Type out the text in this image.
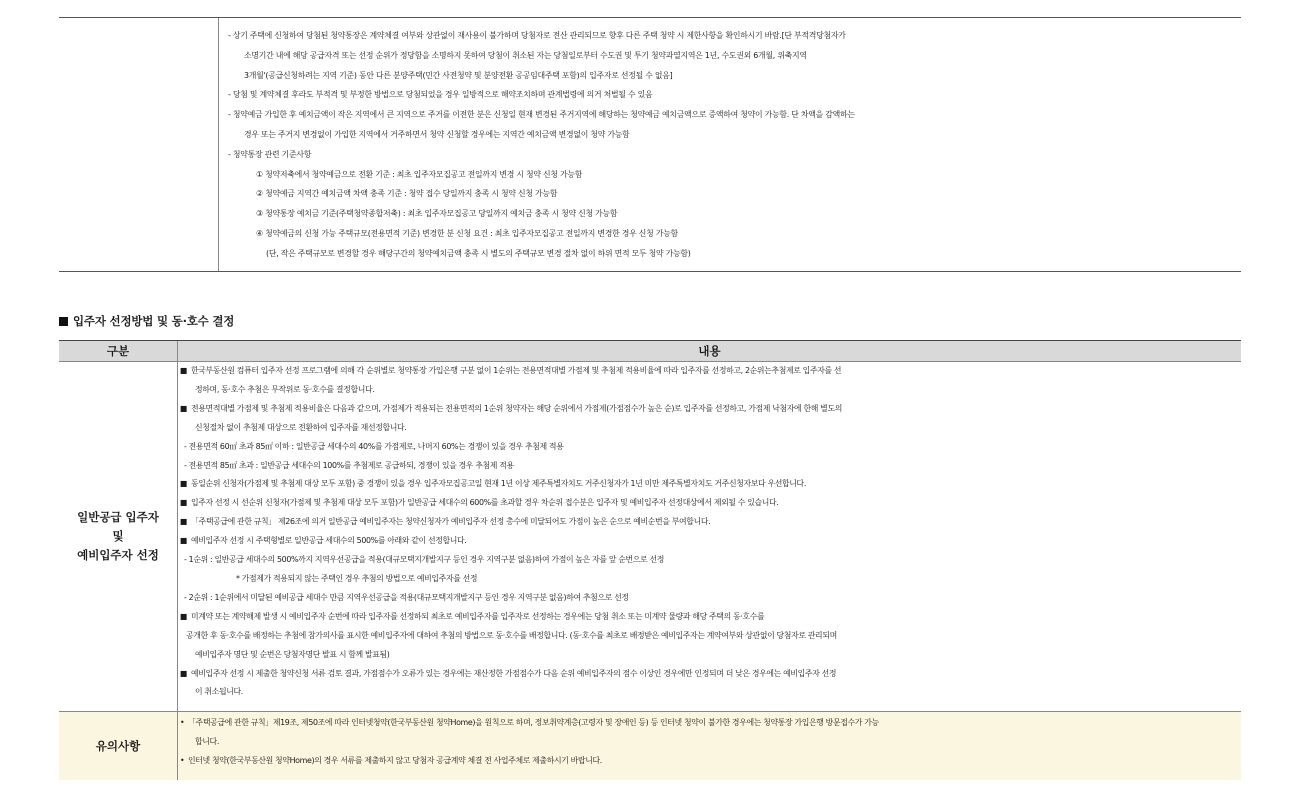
- 상기 주택에 신청하여 당첨된 청약통장은 계약체결 여부와 상관없이 재사용이 불가하며 당첨자로 전산 관리되므로 향후 다른 주택 청약 시 제한사항을 확인하시기 바람.[단 부적격당첨자가
소명기간 내에 해당 공급자격 또는 선정 순위가 정당함을 소명하지 못하여 당첨이 취소된 자는 당첨일로부터 수도권 및 투기 청약과열지역은 1년, 수도권외 6개월, 위축지역
3개월'(공급신청하려는 지역 기준) 동안 다른 분양주택(민간 사전청약 및 분양전환 공공임대주택 포함)의 입주자로 선정될 수 없음]
- 당첨 및 계약체결 후라도 부적격 및 부정한 방법으로 당첨되었을 경우 일방적으로 해약조치하며 관계법령에 의거 처벌될 수 있음
- 청약예금 가입한 후 예치금액이 작은 지역에서 큰 지역으로 주거를 이전한 분은 신청일 현재 변경된 주거지역에 해당하는 청약예금 예치금액으로 증액하여 청약이 가능함. 단 차액을 감액하는
경우 또는 주거지 변경없이 가입한 지역에서 거주하면서 청약 신청할 경우에는 지역간 예치금액 변경없이 청약 가능함
- 청약통장 관련 기준사항
① 청약저축에서 청약예금으로 전환 기준 : 최초 입주자모집공고 전일까지 변경 시 청약 신청 가능함
② 청약예금 지역간 예치금액 차액 충족 기준 : 청약 접수 당일까지 충족 시 청약 신청 가능함
③ 청약통장 예치금 기준(주택청약종합저축) : 최초 입주자모집공고 당일까지 예치금 충족 시 청약 신청 가능함
④ 청약예금의 신청 가능 주택규모(전용면적 기준) 변경한 분 신청 요건 : 최초 입주자모집공고 전일까지 변경한 경우 신청 가능함
(단, 작은 주택규모로 변경할 경우 해당구간의 청약예치금액 충족 시 별도의 주택규모 변경 절차 없이 하위 면적 모두 청약 가능함)
입주자 선정방법 및 동·호수 결정
구분	내용
일반공급 입주자
및
예비입주자 선정
■ 한국부동산원 컴퓨터 입주자 선정 프로그램에 의해 각 순위별로 청약통장 가입은행 구분 없이 1순위는 전용면적대별 가점제 및 추첨제 적용비율에 따라 입주자를 선정하고, 2순위는추첨제로 입주자를 선
정하며, 동·호수 추첨은 무작위로 동·호수를 결정합니다.
■ 전용면적대별 가점제 및 추첨제 적용비율은 다음과 같으며, 가점제가 적용되는 전용면적의 1순위 청약자는 해당 순위에서 가점제(가점점수가 높은 순)로 입주자를 선정하고, 가점제 낙첨자에 한해 별도의
신청절차 없이 추첨제 대상으로 전환하여 입주자를 재선정합니다.
- 전용면적 60㎡ 초과 85㎡ 이하 : 일반공급 세대수의 40%를 가점제로, 나머지 60%는 경쟁이 있을 경우 추첨제 적용
- 전용면적 85㎡ 초과 : 일반공급 세대수의 100%를 추첨제로 공급하되, 경쟁이 있을 경우 추첨제 적용
■ 동일순위 신청자(가점제 및 추첨제 대상 모두 포함) 중 경쟁이 있을 경우 입주자모집공고일 현재 1년 이상 제주특별자치도 거주신청자가 1년 미만 제주특별자치도 거주신청자보다 우선합니다.
■ 입주자 선정 시 선순위 신청자(가점제 및 추첨제 대상 모두 포함)가 일반공급 세대수의 600%를 초과할 경우 차순위 접수분은 입주자 및 예비입주자 선정대상에서 제외될 수 있습니다.
■ 「주택공급에 관한 규칙」 제26조에 의거 일반공급 예비입주자는 청약신청자가 예비입주자 선정 총수에 미달되어도 가점이 높은 순으로 예비순번을 부여합니다.
■ 예비입주자 선정 시 주택형별로 일반공급 세대수의 500%를 아래와 같이 선정합니다.
- 1순위 : 일반공급 세대수의 500%까지 지역우선공급을 적용(대규모택지개발지구 등인 경우 지역구분 없음)하여 가점이 높은 자를 앞 순번으로 선정
* 가점제가 적용되지 않는 주택인 경우 추첨의 방법으로 예비입주자를 선정
- 2순위 : 1순위에서 미달된 예비공급 세대수 만큼 지역우선공급을 적용(대규모택지개발지구 등인 경우 지역구분 없음)하여 추첨으로 선정
■ 미계약 또는 계약해제 발생 시 예비입주자 순번에 따라 입주자를 선정하되 최초로 예비입주자를 입주자로 선정하는 경우에는 당첨 취소 또는 미계약 물량과 해당 주택의 동·호수를
공개한 후 동·호수를 배정하는 추첨에 참가의사를 표시한 예비입주자에 대하여 추첨의 방법으로 동·호수를 배정합니다. (동·호수를 최초로 배정받은 예비입주자는 계약여부와 상관없이 당첨자로 관리되며
예비입주자 명단 및 순번은 당첨자명단 발표 시 함께 발표됨)
■ 예비입주자 선정 시 제출한 청약신청 서류 검토 결과, 가점점수가 오류가 있는 경우에는 재산정한 가점점수가 다음 순위 예비입주자의 점수 이상인 경우에만 인정되며 더 낮은 경우에는 예비입주자 선정
이 취소됩니다.
유의사항
• 「주택공급에 관한 규칙」제19조, 제50조에 따라 인터넷청약(한국부동산원 청약Home)을 원칙으로 하며, 정보취약계층(고령자 및 장애인 등) 등 인터넷 청약이 불가한 경우에는 청약통장 가입은행 방문접수가 가능
합니다.
• 인터넷 청약(한국부동산원 청약Home)의 경우 서류를 제출하지 않고 당첨자 공급계약 체결 전 사업주체로 제출하시기 바랍니다.
